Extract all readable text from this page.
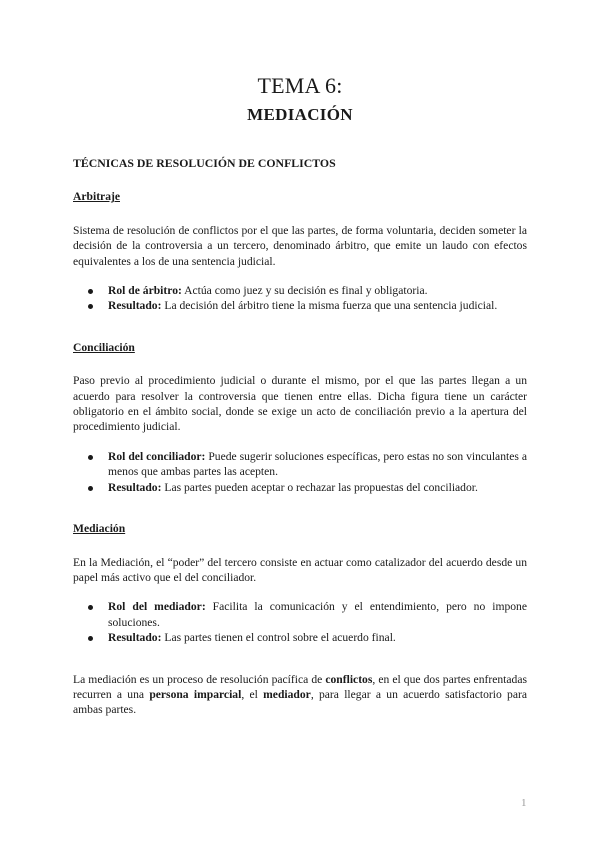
TEMA 6:
MEDIACIÓN
TÉCNICAS DE RESOLUCIÓN DE CONFLICTOS
Arbitraje

Sistema de resolución de conflictos por el que las partes, de forma voluntaria, deciden someter la decisión de la controversia a un tercero, denominado árbitro, que emite un laudo con efectos equivalentes a los de una sentencia judicial.

Rol de árbitro: Actúa como juez y su decisión es final y obligatoria.
Resultado: La decisión del árbitro tiene la misma fuerza que una sentencia judicial.
Conciliación

Paso previo al procedimiento judicial o durante el mismo, por el que las partes llegan a un acuerdo para resolver la controversia que tienen entre ellas. Dicha figura tiene un carácter obligatorio en el ámbito social, donde se exige un acto de conciliación previo a la apertura del procedimiento judicial.

Rol del conciliador: Puede sugerir soluciones específicas, pero estas no son vinculantes a menos que ambas partes las acepten.
Resultado: Las partes pueden aceptar o rechazar las propuestas del conciliador.
Mediación

En la Mediación, el “poder” del tercero consiste en actuar como catalizador del acuerdo desde un papel más activo que el del conciliador.

Rol del mediador: Facilita la comunicación y el entendimiento, pero no impone soluciones.
Resultado: Las partes tienen el control sobre el acuerdo final.

La mediación es un proceso de resolución pacífica de conflictos, en el que dos partes enfrentadas recurren a una persona imparcial, el mediador, para llegar a un acuerdo satisfactorio para ambas partes.

1
